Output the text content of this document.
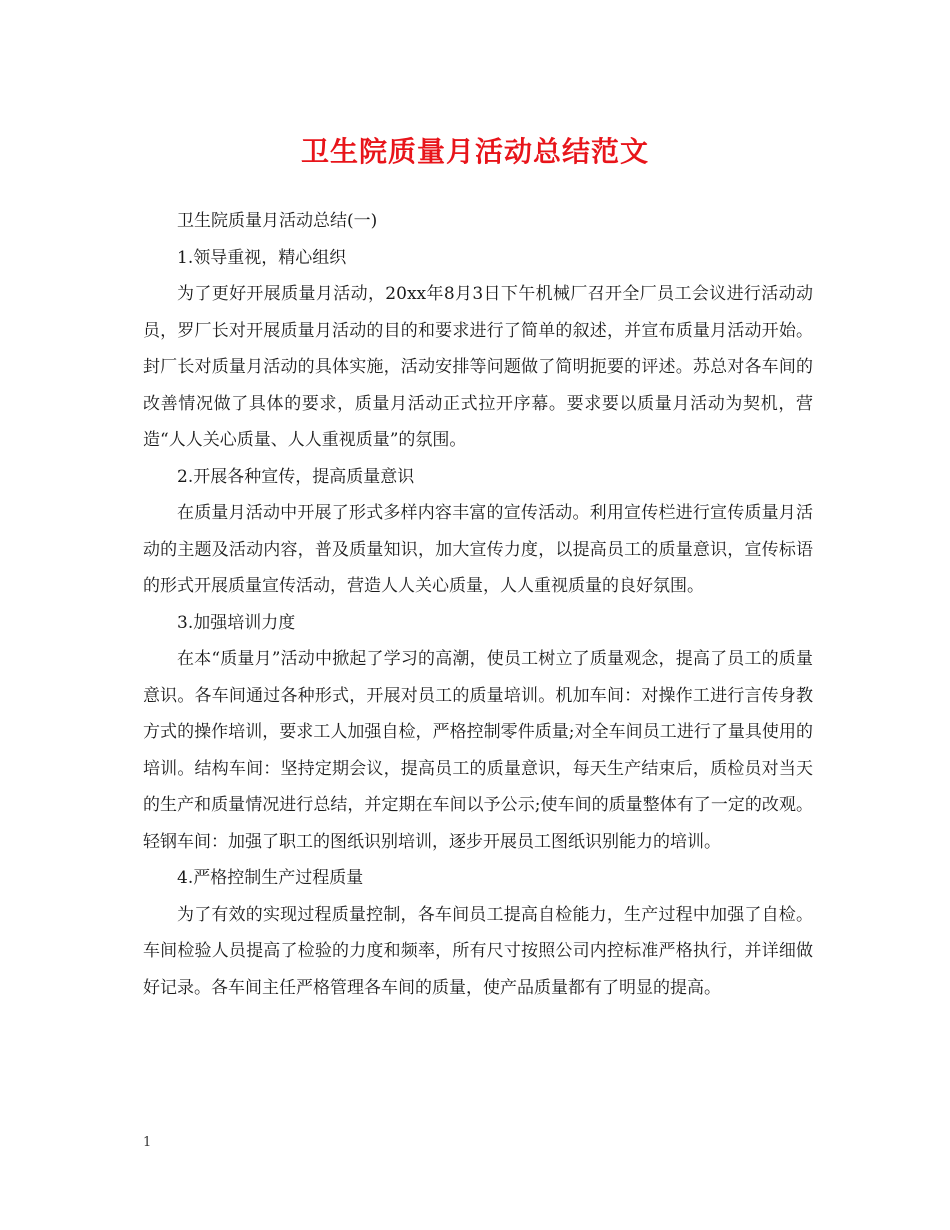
卫生院质量月活动总结范文

卫生院质量月活动总结(一)

1.领导重视，精心组织

为了更好开展质量月活动，20xx年8月3日下午机械厂召开全厂员工会议进行活动动员，罗厂长对开展质量月活动的目的和要求进行了简单的叙述，并宣布质量月活动开始。封厂长对质量月活动的具体实施，活动安排等问题做了简明扼要的评述。苏总对各车间的改善情况做了具体的要求，质量月活动正式拉开序幕。要求要以质量月活动为契机，营造“人人关心质量、人人重视质量”的氛围。

2.开展各种宣传，提高质量意识

在质量月活动中开展了形式多样内容丰富的宣传活动。利用宣传栏进行宣传质量月活动的主题及活动内容，普及质量知识，加大宣传力度，以提高员工的质量意识，宣传标语的形式开展质量宣传活动，营造人人关心质量，人人重视质量的良好氛围。

3.加强培训力度

在本“质量月”活动中掀起了学习的高潮，使员工树立了质量观念，提高了员工的质量意识。各车间通过各种形式，开展对员工的质量培训。机加车间：对操作工进行言传身教方式的操作培训，要求工人加强自检，严格控制零件质量;对全车间员工进行了量具使用的培训。结构车间：坚持定期会议，提高员工的质量意识，每天生产结束后，质检员对当天的生产和质量情况进行总结，并定期在车间以予公示;使车间的质量整体有了一定的改观。轻钢车间：加强了职工的图纸识别培训，逐步开展员工图纸识别能力的培训。

4.严格控制生产过程质量

为了有效的实现过程质量控制，各车间员工提高自检能力，生产过程中加强了自检。车间检验人员提高了检验的力度和频率，所有尺寸按照公司内控标准严格执行，并详细做好记录。各车间主任严格管理各车间的质量，使产品质量都有了明显的提高。

1
